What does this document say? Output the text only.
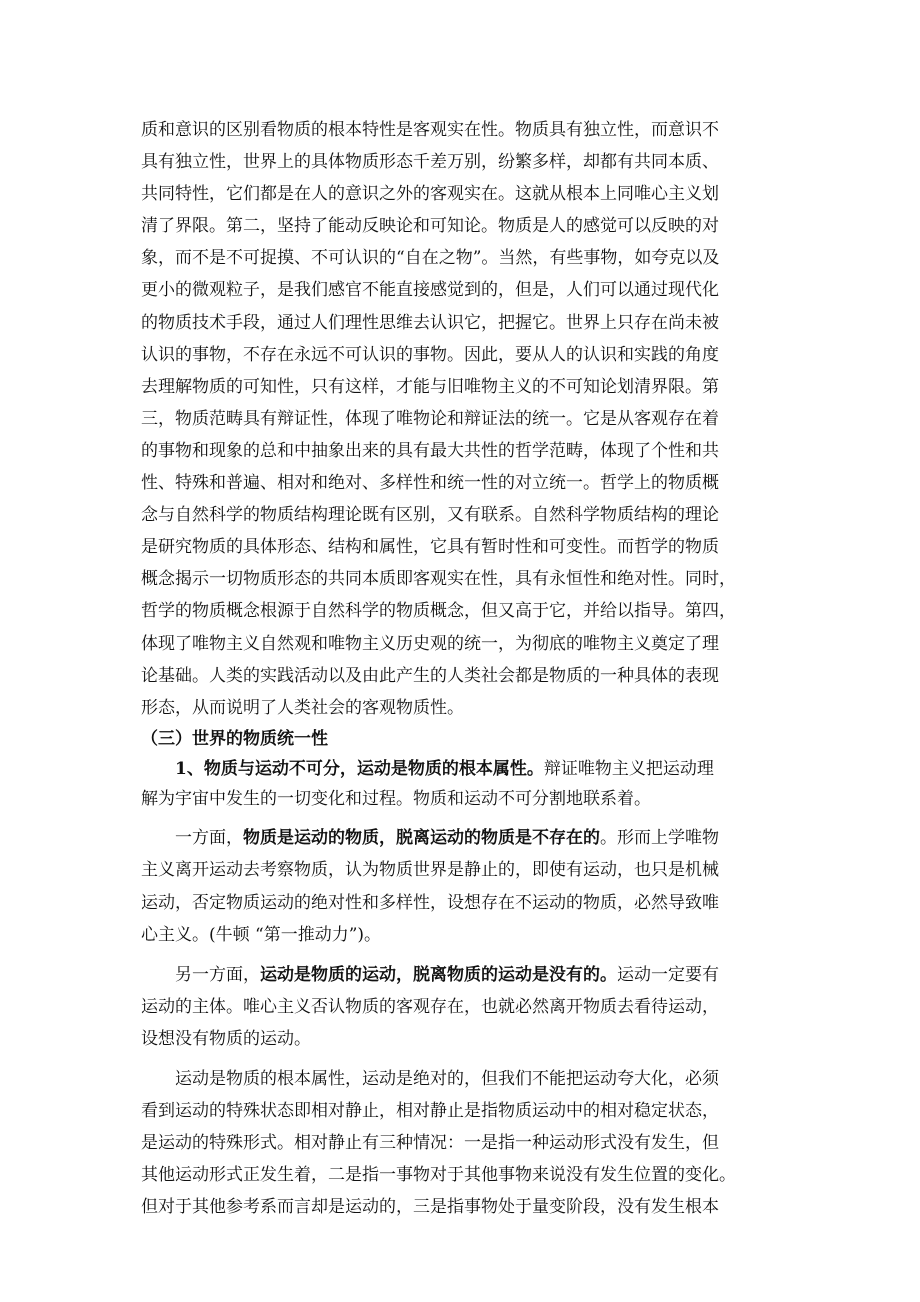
质和意识的区别看物质的根本特性是客观实在性。物质具有独立性，而意识不
具有独立性，世界上的具体物质形态千差万别，纷繁多样，却都有共同本质、
共同特性，它们都是在人的意识之外的客观实在。这就从根本上同唯心主义划
清了界限。第二，坚持了能动反映论和可知论。物质是人的感觉可以反映的对
象，而不是不可捉摸、不可认识的“自在之物”。当然，有些事物，如夸克以及
更小的微观粒子，是我们感官不能直接感觉到的，但是，人们可以通过现代化
的物质技术手段，通过人们理性思维去认识它，把握它。世界上只存在尚未被
认识的事物，不存在永远不可认识的事物。因此，要从人的认识和实践的角度
去理解物质的可知性，只有这样，才能与旧唯物主义的不可知论划清界限。第
三，物质范畴具有辩证性，体现了唯物论和辩证法的统一。它是从客观存在着
的事物和现象的总和中抽象出来的具有最大共性的哲学范畴，体现了个性和共
性、特殊和普遍、相对和绝对、多样性和统一性的对立统一。哲学上的物质概
念与自然科学的物质结构理论既有区别，又有联系。自然科学物质结构的理论
是研究物质的具体形态、结构和属性，它具有暂时性和可变性。而哲学的物质
概念揭示一切物质形态的共同本质即客观实在性，具有永恒性和绝对性。同时，
哲学的物质概念根源于自然科学的物质概念，但又高于它，并给以指导。第四，
体现了唯物主义自然观和唯物主义历史观的统一，为彻底的唯物主义奠定了理
论基础。人类的实践活动以及由此产生的人类社会都是物质的一种具体的表现
形态，从而说明了人类社会的客观物质性。
（三）世界的物质统一性
1、物质与运动不可分，运动是物质的根本属性。辩证唯物主义把运动理
解为宇宙中发生的一切变化和过程。物质和运动不可分割地联系着。
一方面，物质是运动的物质，脱离运动的物质是不存在的。形而上学唯物
主义离开运动去考察物质，认为物质世界是静止的，即使有运动，也只是机械
运动，否定物质运动的绝对性和多样性，设想存在不运动的物质，必然导致唯
心主义。(牛顿 “第一推动力”)。
另一方面，运动是物质的运动，脱离物质的运动是没有的。运动一定要有
运动的主体。唯心主义否认物质的客观存在，也就必然离开物质去看待运动，
设想没有物质的运动。
运动是物质的根本属性，运动是绝对的，但我们不能把运动夸大化，必须
看到运动的特殊状态即相对静止，相对静止是指物质运动中的相对稳定状态，
是运动的特殊形式。相对静止有三种情况：一是指一种运动形式没有发生，但
其他运动形式正发生着，二是指一事物对于其他事物来说没有发生位置的变化。
但对于其他参考系而言却是运动的，三是指事物处于量变阶段，没有发生根本
